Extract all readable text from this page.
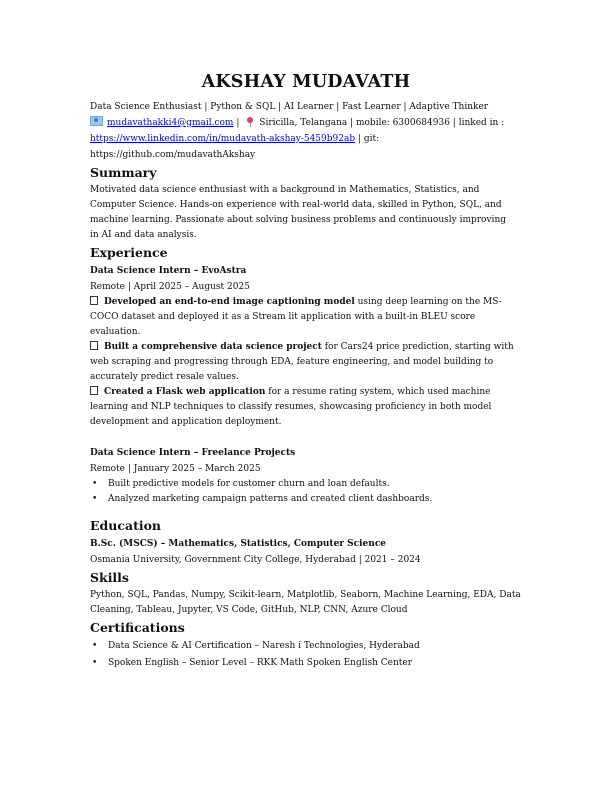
AKSHAY MUDAVATH

Data Science Enthusiast | Python & SQL | AI Learner | Fast Learner | Adaptive Thinker

mudavathakki4@gmail.com | Siricilla, Telangana | mobile: 6300684936 | linked in :

https://www.linkedin.com/in/mudavath-akshay-5459b92ab | git:

https://github.com/mudavathAkshay

Summary

Motivated data science enthusiast with a background in Mathematics, Statistics, and

Computer Science. Hands-on experience with real-world data, skilled in Python, SQL, and

machine learning. Passionate about solving business problems and continuously improving

in AI and data analysis.

Experience

Data Science Intern – EvoAstra

Remote | April 2025 – August 2025

Developed an end-to-end image captioning model using deep learning on the MS-

COCO dataset and deployed it as a Stream lit application with a built-in BLEU score

evaluation.

Built a comprehensive data science project for Cars24 price prediction, starting with

web scraping and progressing through EDA, feature engineering, and model building to

accurately predict resale values.

Created a Flask web application for a resume rating system, which used machine

learning and NLP techniques to classify resumes, showcasing proficiency in both model

development and application deployment.

Data Science Intern – Freelance Projects

Remote | January 2025 – March 2025

• Built predictive models for customer churn and loan defaults.
• Analyzed marketing campaign patterns and created client dashboards.
Education

B.Sc. (MSCS) – Mathematics, Statistics, Computer Science

Osmania University, Government City College, Hyderabad | 2021 – 2024

Skills

Python, SQL, Pandas, Numpy, Scikit-learn, Matplotlib, Seaborn, Machine Learning, EDA, Data

Cleaning, Tableau, Jupyter, VS Code, GitHub, NLP, CNN, Azure Cloud

Certifications
• Data Science & AI Certification – Naresh i Technologies, Hyderabad
• Spoken English – Senior Level – RKK Math Spoken English Center
